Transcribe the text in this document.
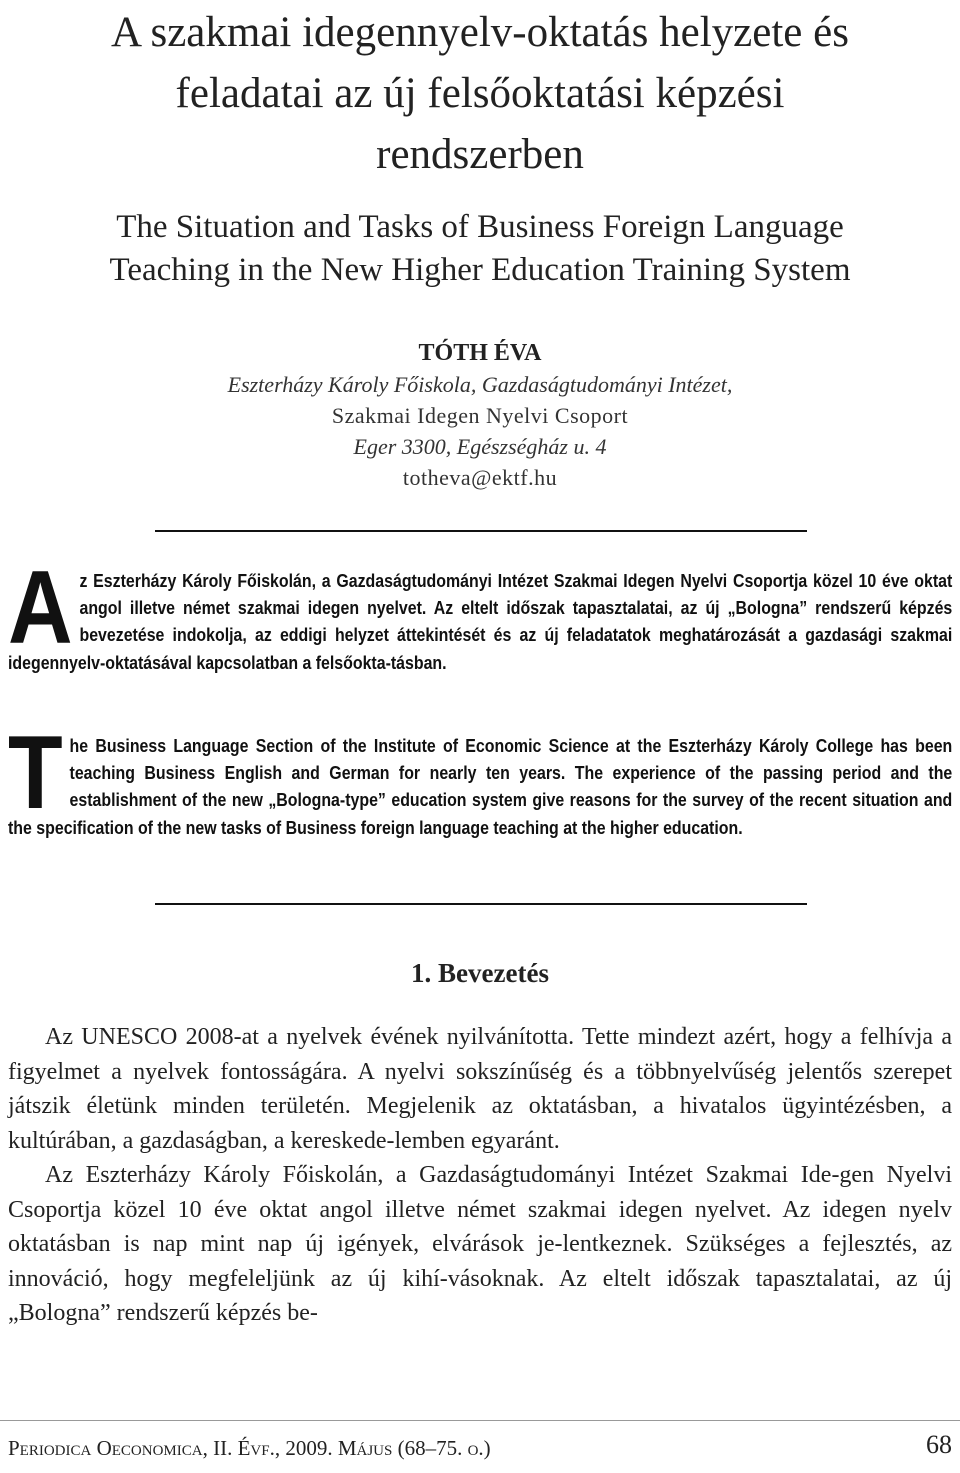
A szakmai idegennyelv-oktatás helyzete és
feladatai az új felsőoktatási képzési
rendszerben
The Situation and Tasks of Business Foreign Language
Teaching in the New Higher Education Training System
TÓTH ÉVA
Eszterházy Károly Főiskola, Gazdaságtudományi Intézet,
Szakmai Idegen Nyelvi Csoport
Eger 3300, Egészségház u. 4
totheva@ektf.hu
Az Eszterházy Károly Főiskolán, a Gazdaságtudományi Intézet Szakmai Idegen Nyelvi Csoportja közel 10 éve oktat angol illetve német szakmai idegen nyelvet. Az eltelt időszak tapasztalatai, az új „Bologna” rendszerű képzés bevezetése indokolja, az eddigi helyzet áttekintését és az új feladatatok meghatározását a gazdasági szakmai idegennyelv-oktatásával kapcsolatban a felsőokta-tásban.
The Business Language Section of the Institute of Economic Science at the Eszterházy Károly College has been teaching Business English and German for nearly ten years. The experience of the passing period and the establishment of the new „Bologna-type” education system give reasons for the survey of the recent situation and the specification of the new tasks of Business foreign language teaching at the higher education.
1. Bevezetés

Az UNESCO 2008-at a nyelvek évének nyilvánította. Tette mindezt azért, hogy a felhívja a figyelmet a nyelvek fontosságára. A nyelvi sokszínűség és a többnyelvűség jelentős szerepet játszik életünk minden területén. Megjelenik az oktatásban, a hivatalos ügyintézésben, a kultúrában, a gazdaságban, a kereskede-lemben egyaránt.

Az Eszterházy Károly Főiskolán, a Gazdaságtudományi Intézet Szakmai Ide-gen Nyelvi Csoportja közel 10 éve oktat angol illetve német szakmai idegen nyelvet. Az idegen nyelv oktatásban is nap mint nap új igények, elvárások je-lentkeznek. Szükséges a fejlesztés, az innováció, hogy megfeleljünk az új kihí-vásoknak. Az eltelt időszak tapasztalatai, az új „Bologna” rendszerű képzés be-

Periodica Oeconomica, II. Évf., 2009. Május (68–75. o.)	68
